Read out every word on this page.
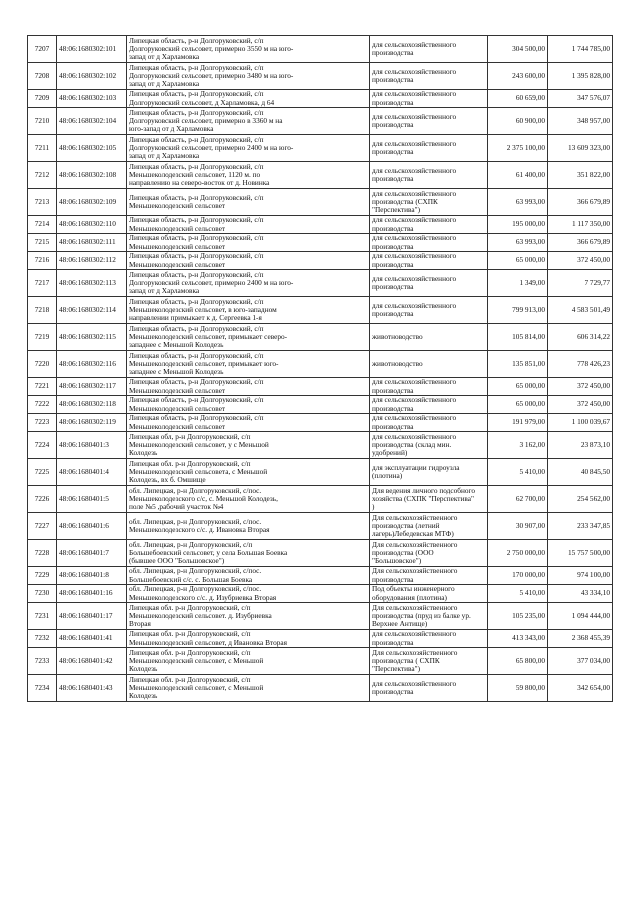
7207	48:06:1680302:101	Липецкая область, р-н Долгоруковский, с/п
Долгоруковский сельсовет, примерно 3550 м на юго-
запад от д Харламовка	для сельскохозяйственного
производства	304 500,00	1 744 785,00
7208	48:06:1680302:102	Липецкая область, р-н Долгоруковский, с/п
Долгоруковский сельсовет, примерно 3480 м на юго-
запад от д Харламовка	для сельскохозяйственного
производства	243 600,00	1 395 828,00
7209	48:06:1680302:103	Липецкая область, р-н Долгоруковский, с/п
Долгоруковский сельсовет, д Харламовка, д 64	для сельскохозяйственного
производства	60 659,00	347 576,07
7210	48:06:1680302:104	Липецкая область, р-н Долгоруковский, с/п
Долгоруковский сельсовет, примерно в 3360 м на
юго-запад от д Харламовка	для сельскохозяйственного
производства	60 900,00	348 957,00
7211	48:06:1680302:105	Липецкая область, р-н Долгоруковский, с/п
Долгоруковский сельсовет, примерно 2400 м на юго-
запад от д Харламовка	для сельскохозяйственного
производства	2 375 100,00	13 609 323,00
7212	48:06:1680302:108	Липецкая область, р-н Долгоруковский, с/п
Меньшеколодезский сельсовет, 1120 м. по
направлению на северо-восток от д. Новинка	для сельскохозяйственного
производства	61 400,00	351 822,00
7213	48:06:1680302:109	Липецкая область, р-н Долгоруковский, с/п
Меньшеколодезский сельсовет	для сельскохозяйственного
производства (СХПК
"Перспектива")	63 993,00	366 679,89
7214	48:06:1680302:110	Липецкая область, р-н Долгоруковский, с/п
Меньшеколодезский сельсовет	для сельскохозяйственного
производства	195 000,00	1 117 350,00
7215	48:06:1680302:111	Липецкая область, р-н Долгоруковский, с/п
Меньшеколодезский сельсовет	для сельскохозяйственного
производства	63 993,00	366 679,89
7216	48:06:1680302:112	Липецкая область, р-н Долгоруковский, с/п
Меньшеколодезский сельсовет	для сельскохозяйственного
производства	65 000,00	372 450,00
7217	48:06:1680302:113	Липецкая область, р-н Долгоруковский, с/п
Долгоруковский сельсовет, примерно 2400 м на юго-
запад от д Харламовка	для сельскохозяйственного
производства	1 349,00	7 729,77
7218	48:06:1680302:114	Липецкая область, р-н Долгоруковский, с/п
Меньшеколодезский сельсовет, в юго-западном
направлении примыкает к д. Сергеевка 1-я	для сельскохозяйственного
производства	799 913,00	4 583 501,49
7219	48:06:1680302:115	Липецкая область, р-н Долгоруковский, с/п
Меньшеколодезский сельсовет, примыкает северо-
западнее с Меньшой Колодезь	животноводство	105 814,00	606 314,22
7220	48:06:1680302:116	Липецкая область, р-н Долгоруковский, с/п
Меньшеколодезский сельсовет, примыкает юго-
западнее с Меньшой Колодезь	животноводство	135 851,00	778 426,23
7221	48:06:1680302:117	Липецкая область, р-н Долгоруковский, с/п
Меньшеколодезский сельсовет	для сельскохозяйственного
производства	65 000,00	372 450,00
7222	48:06:1680302:118	Липецкая область, р-н Долгоруковский, с/п
Меньшеколодезский сельсовет	для сельскохозяйственного
производства	65 000,00	372 450,00
7223	48:06:1680302:119	Липецкая область, р-н Долгоруковский, с/п
Меньшеколодезский сельсовет	для сельскохозяйственного
производства	191 979,00	1 100 039,67
7224	48:06:1680401:3	Липецкая обл, р-н Долгоруковский, с/п
Меньшеколодезский сельсовет, у с Меньшой
Колодезь	для сельскохозяйственного
производства (склад мин.
удобрений)	3 162,00	23 873,10
7225	48:06:1680401:4	Липецкая обл. р-н Долгоруковский, с/п
Меньшеколодезский сельсовета, с Меньшой
Колодезь, вх б. Омшище	для эксплуатации гидроузла
(плотина)	5 410,00	40 845,50
7226	48:06:1680401:5	обл. Липецкая, р-н Долгоруковский, с/пос.
Меньшеколодезского с/с, с. Меньшой Колодезь,
поле №5 ,рабочий участок №4	Для ведения личного подсобного
хозяйства (СХПК "Перспектива"
)	62 700,00	254 562,00
7227	48:06:1680401:6	обл. Липецкая, р-н Долгоруковский, с/пос.
Меньшеколодезского с/с. д. Ивановка Вторая	Для сельскохозяйственного
производства (летний
лагерь)Лебедевская МТФ)	30 907,00	233 347,85
7228	48:06:1680401:7	обл. Липецкая, р-н Долгоруковский, с/п
Большебоевский сельсовет, у села Большая Боевка
(бывшее ООО "Большовское")	Для сельскохозяйственного
производства (ООО
"Большовское")	2 750 000,00	15 757 500,00
7229	48:06:1680401:8	обл. Липецкая, р-н Долгоруковский, с/пос.
Большебоевский с/с. с. Большая Боевка	Для сельскохозяйственного
производства	170 000,00	974 100,00
7230	48:06:1680401:16	обл. Липецкая, р-н Долгоруковский, с/пос.
Меньшеколодезского с/с. д. Изубриевка Вторая	Под объекты инженерного
оборудования (плотина)	5 410,00	43 334,10
7231	48:06:1680401:17	Липецкая обл. р-н Долгоруковский, с/п
Меньшеколодезский сельсовет. д. Изубриевка
Вторая	Для сельскохозяйственного
производства (пруд из балке ур.
Верхнее Антище)	105 235,00	1 094 444,00
7232	48:06:1680401:41	Липецкая обл. р-н Долгоруковский, с/п
Меньшеколодезский сельсовет, д Ивановка Вторая	для сельскохозяйственного
производства	413 343,00	2 368 455,39
7233	48:06:1680401:42	Липецкая обл. р-н Долгоруковский, с/п
Меньшеколодезский сельсовет, с Меньшой
Колодезь	Для сельскохозяйственного
производства ( СХПК
"Перспектива")	65 800,00	377 034,00
7234	48:06:1680401:43	Липецкая обл. р-н Долгоруковский, с/п
Меньшеколодезский сельсовет, с Меньшой
Колодезь	для сельскохозяйственного
производства	59 800,00	342 654,00
